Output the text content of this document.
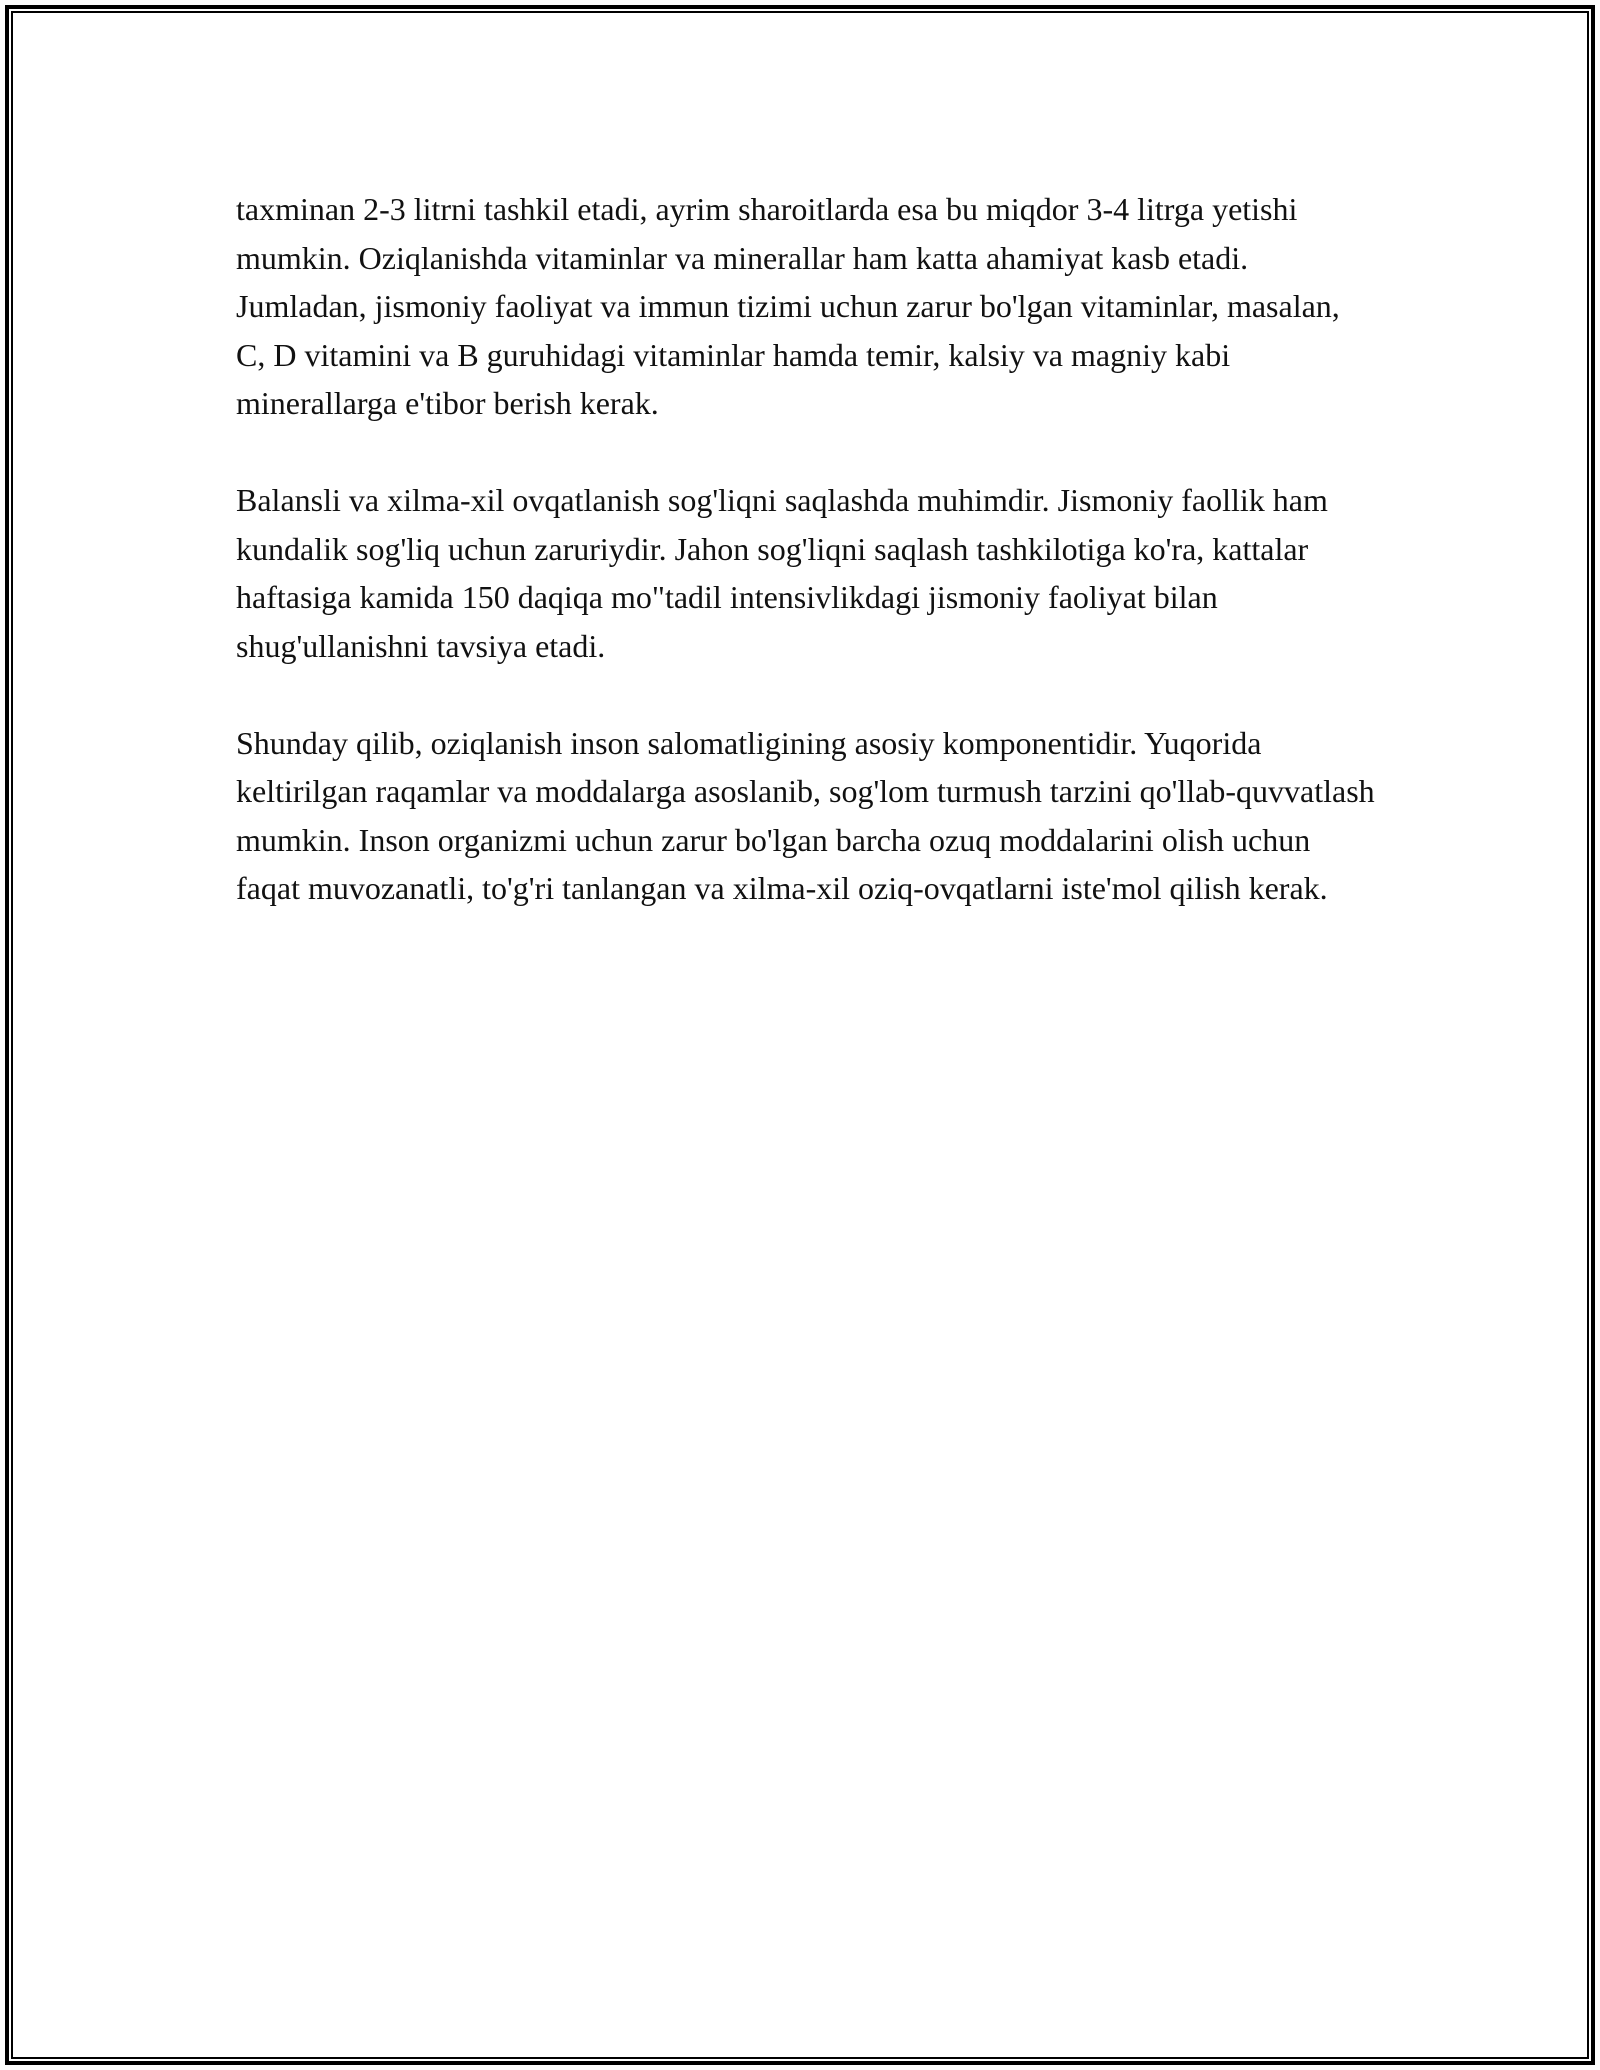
taxminan 2-3 litrni tashkil etadi, ayrim sharoitlarda esa bu miqdor 3-4 litrga yetishi mumkin. Oziqlanishda vitaminlar va minerallar ham katta ahamiyat kasb etadi. Jumladan, jismoniy faoliyat va immun tizimi uchun zarur bo'lgan vitaminlar, masalan, C, D vitamini va B guruhidagi vitaminlar hamda temir, kalsiy va magniy kabi minerallarga e'tibor berish kerak.

Balansli va xilma-xil ovqatlanish sog'liqni saqlashda muhimdir. Jismoniy faollik ham kundalik sog'liq uchun zaruriydir. Jahon sog'liqni saqlash tashkilotiga ko'ra, kattalar haftasiga kamida 150 daqiqa mo"tadil intensivlikdagi jismoniy faoliyat bilan shug'ullanishni tavsiya etadi.

Shunday qilib, oziqlanish inson salomatligining asosiy komponentidir. Yuqorida keltirilgan raqamlar va moddalarga asoslanib, sog'lom turmush tarzini qo'llab-quvvatlash mumkin. Inson organizmi uchun zarur bo'lgan barcha ozuq moddalarini olish uchun faqat muvozanatli, to'g'ri tanlangan va xilma-xil oziq-ovqatlarni iste'mol qilish kerak.
